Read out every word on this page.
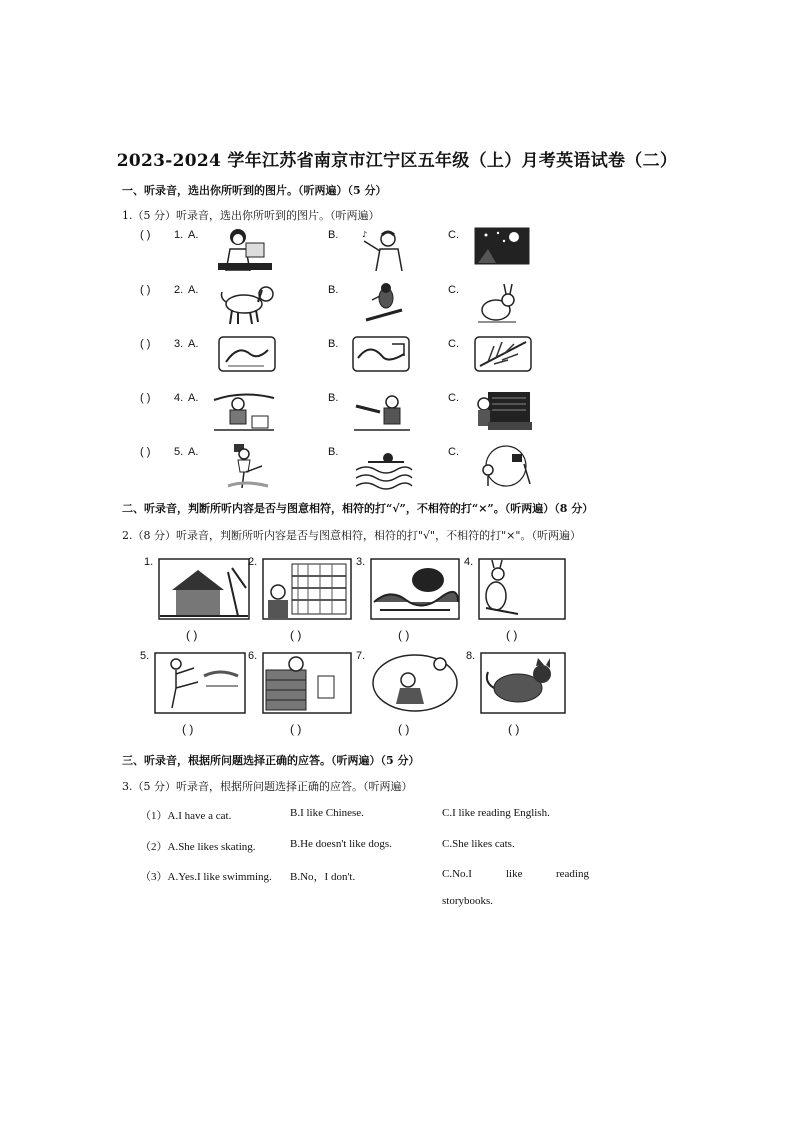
2023-2024 学年江苏省南京市江宁区五年级（上）月考英语试卷（二）
一、听录音，选出你所听到的图片。（听两遍）（5 分）
1.（5 分）听录音，选出你所听到的图片。（听两遍）
( ) 1. A.	B.	♪	C.
( ) 2. A.	B.	C.
( ) 3. A.	B.	C.
( ) 4. A.	B.	C.
( ) 5. A.	B.	C.
二、听录音，判断所听内容是否与图意相符，相符的打“√”，不相符的打“×”。（听两遍）（8 分）
2.（8 分）听录音，判断所听内容是否与图意相符，相符的打"√"，不相符的打"×"。（听两遍）
1.
( )
2.
( )
3.
( )
4.
( )
5.
( )
6.
( )
7.
( )
8.
( )
三、听录音，根据所问题选择正确的应答。（听两遍）（5 分）
3.（5 分）听录音，根据所问题选择正确的应答。（听两遍）
（1）A.I have a cat.	B.I like Chinese.	C.I like reading English.
（2）A.She likes skating.	B.He doesn't like dogs.	C.She likes cats.
（3）A.Yes.I like swimming. B.No，I don't.	C.No.I	like	reading
storybooks.
